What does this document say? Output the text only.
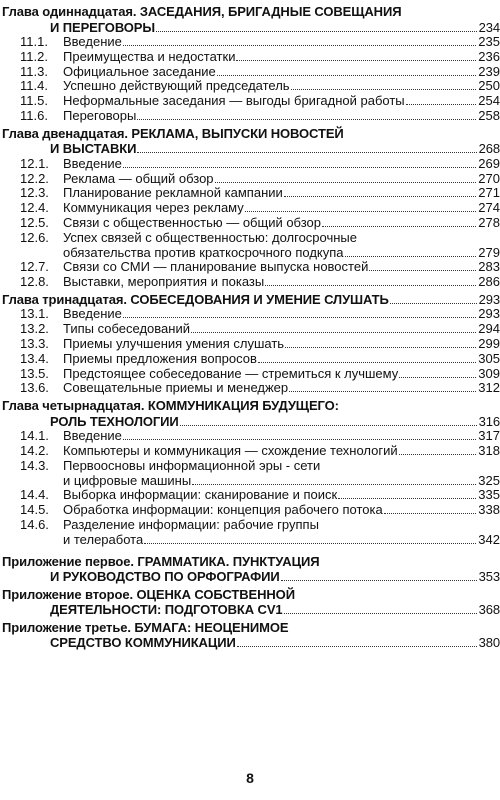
Глава одиннадцатая. ЗАСЕДАНИЯ, БРИГАДНЫЕ СОВЕЩАНИЯ
И ПЕРЕГОВОРЫ	234
11.1. Введение	235
11.2. Преимущества и недостатки	236
11.3. Официальное заседание	239
11.4. Успешно действующий председатель	250
11.5. Неформальные заседания — выгоды бригадной работы	254
11.6. Переговоры	258
Глава двенадцатая. РЕКЛАМА, ВЫПУСКИ НОВОСТЕЙ
И ВЫСТАВКИ	268
12.1. Введение	269
12.2. Реклама — общий обзор	270
12.3. Планирование рекламной кампании	271
12.4. Коммуникация через рекламу	274
12.5. Связи с общественностью — общий обзор	278
12.6. Успех связей с общественностью: долгосрочные
обязательства против краткосрочного подкупа	279
12.7. Связи со СМИ — планирование выпуска новостей	283
12.8. Выставки, мероприятия и показы	286
Глава тринадцатая. СОБЕСЕДОВАНИЯ И УМЕНИЕ СЛУШАТЬ	293
13.1. Введение	293
13.2. Типы собеседований	294
13.3. Приемы улучшения умения слушать	299
13.4. Приемы предложения вопросов	305
13.5. Предстоящее собеседование — стремиться к лучшему	309
13.6. Совещательные приемы и менеджер	312
Глава четырнадцатая. КОММУНИКАЦИЯ БУДУЩЕГО:
РОЛЬ ТЕХНОЛОГИИ	316
14.1. Введение	317
14.2. Компьютеры и коммуникация — схождение технологий	318
14.3. Первоосновы информационной эры - сети
и цифровые машины	325
14.4. Выборка информации: сканирование и поиск	335
14.5. Обработка информации: концепция рабочего потока	338
14.6. Разделение информации: рабочие группы
и телеработа	342
Приложение первое. ГРАММАТИКА. ПУНКТУАЦИЯ
И РУКОВОДСТВО ПО ОРФОГРАФИИ	353
Приложение второе. ОЦЕНКА СОБСТВЕННОЙ
ДЕЯТЕЛЬНОСТИ: ПОДГОТОВКА CV1	368
Приложение третье. БУМАГА: НЕОЦЕНИМОЕ
СРЕДСТВО КОММУНИКАЦИИ	380
8
